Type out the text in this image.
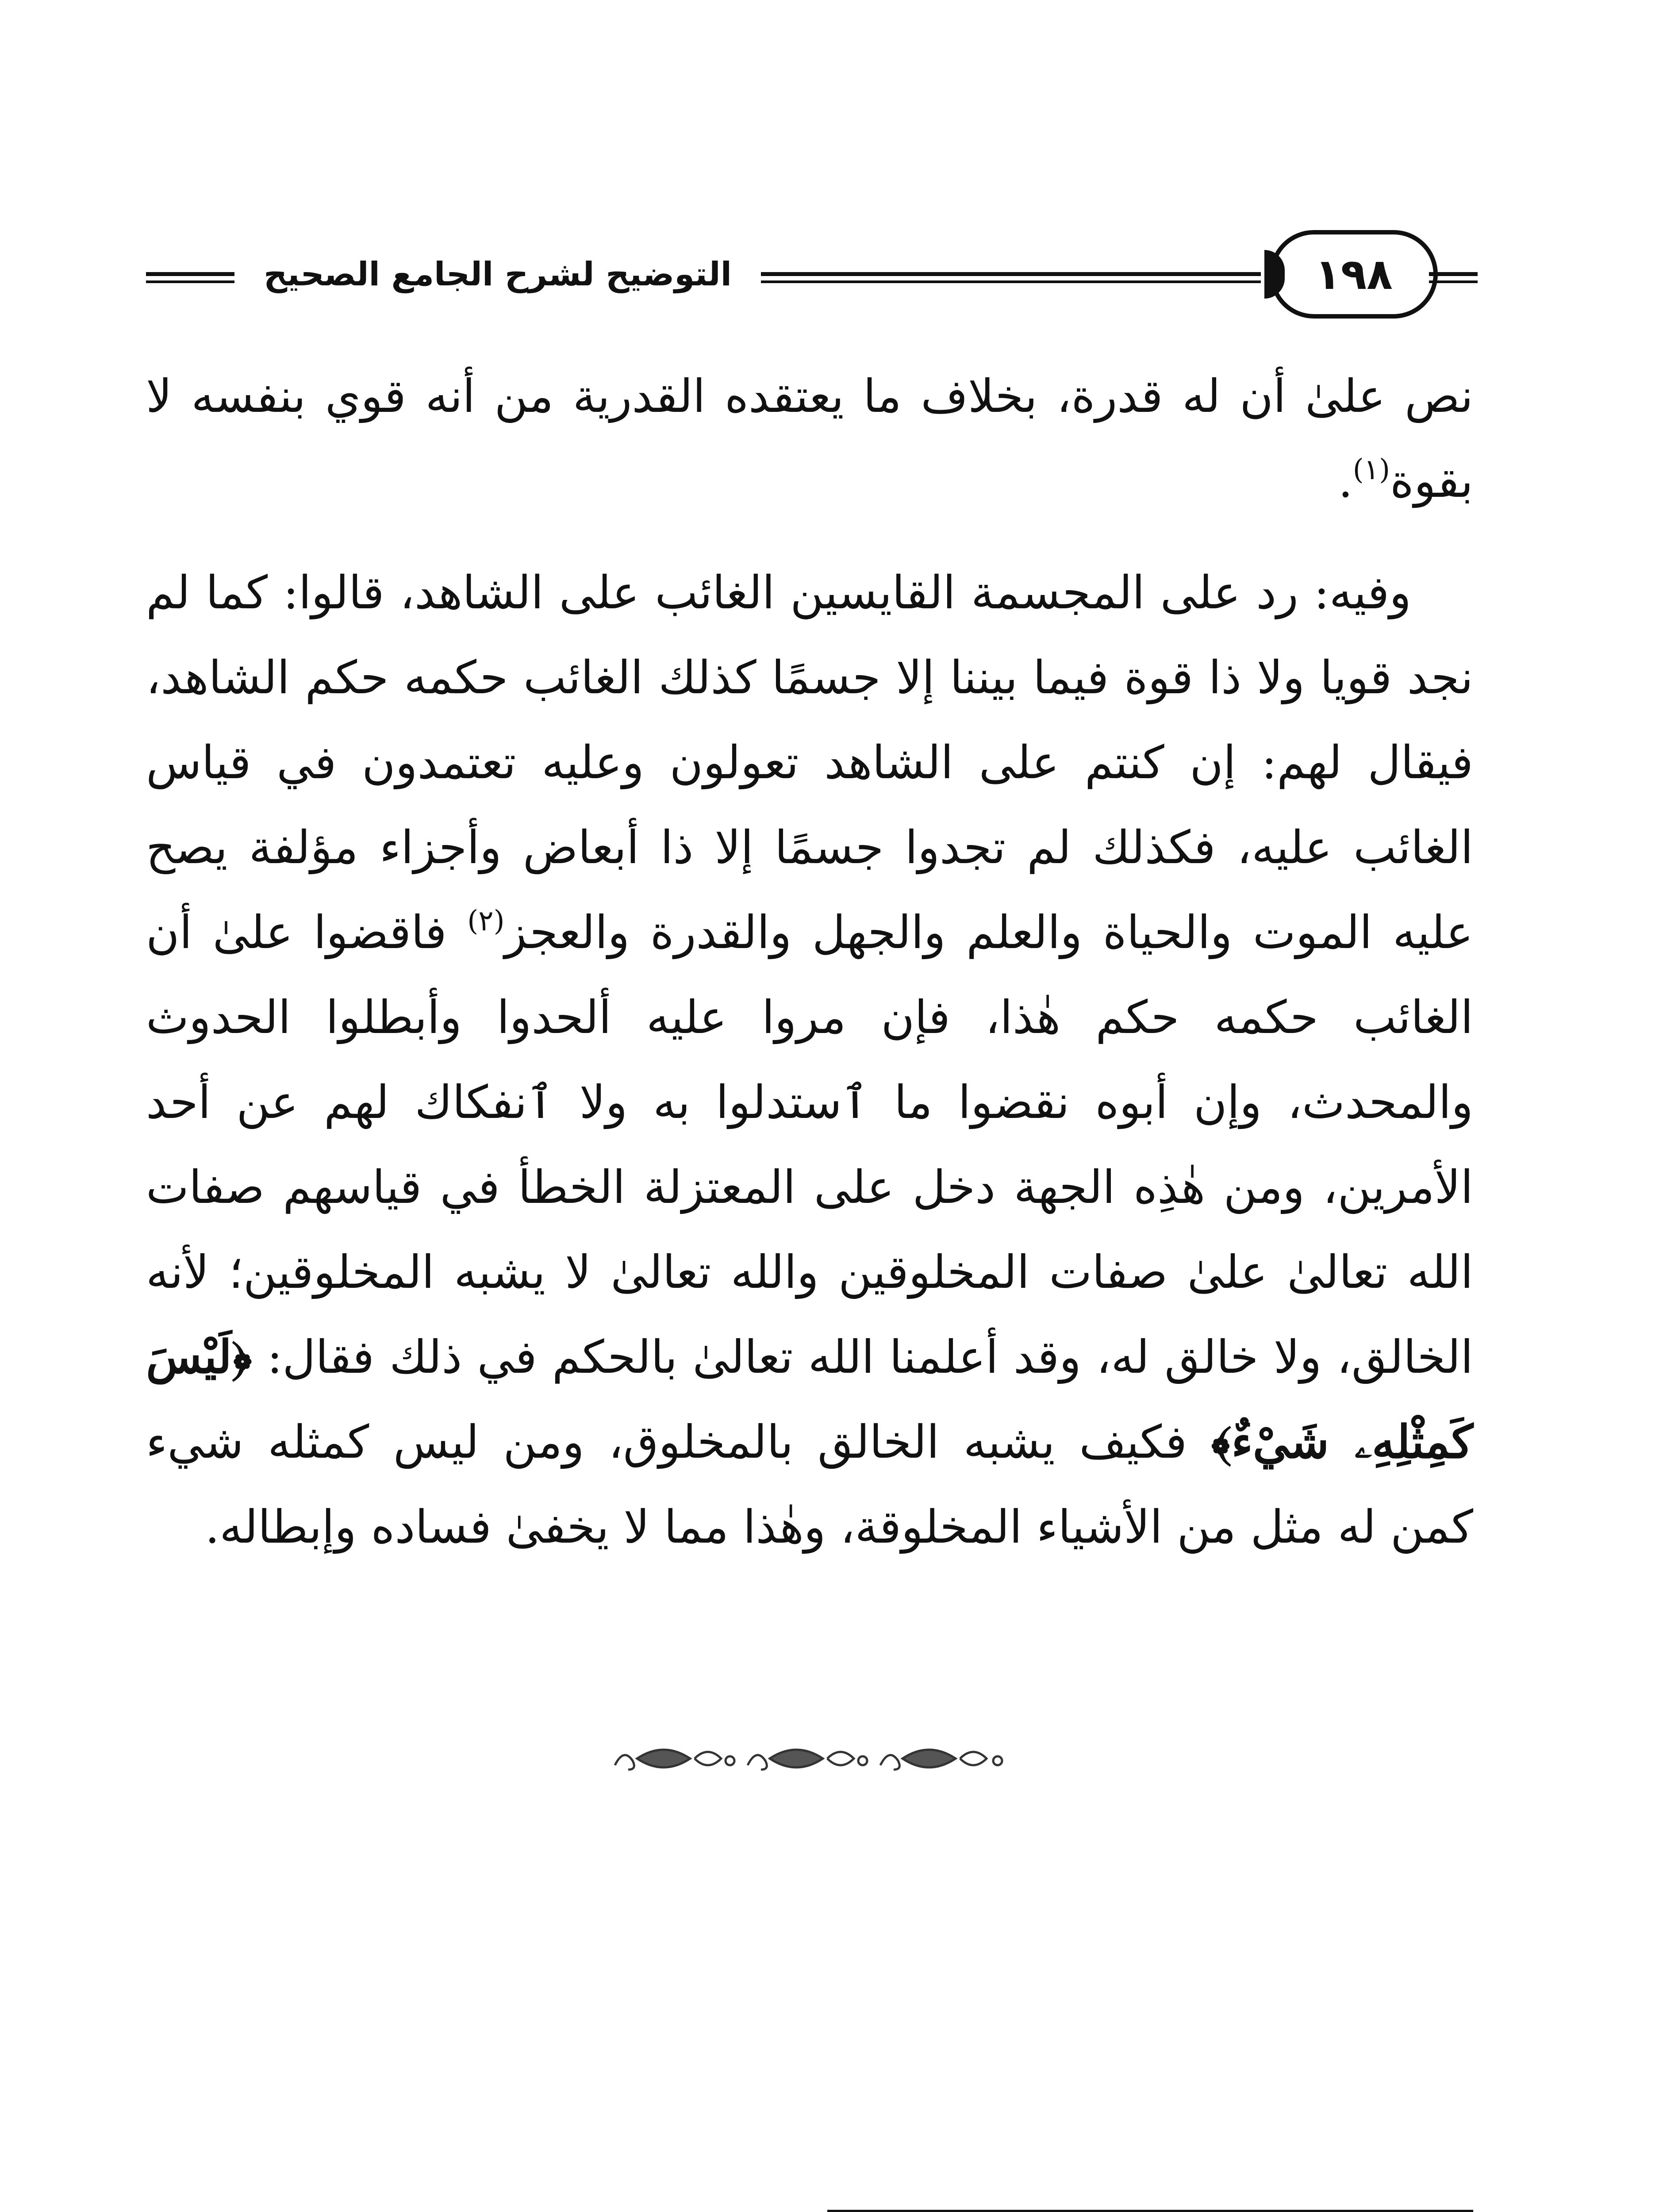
التوضيح لشرح الجامع الصحيح	١٩٨

نص علىٰ أن له قدرة، بخلاف ما يعتقده القدرية من أنه قوي بنفسه لا بقوة$^{(١)}$.

وفيه: رد على المجسمة القايسين الغائب على الشاهد، قالوا: كما لم نجد قويا ولا ذا قوة فيما بيننا إلا جسمًا كذلك الغائب حكمه حكم الشاهد، فيقال لهم: إن كنتم على الشاهد تعولون وعليه تعتمدون في قياس الغائب عليه، فكذلك لم تجدوا جسمًا إلا ذا أبعاض وأجزاء مؤلفة يصح عليه الموت والحياة والعلم والجهل والقدرة والعجز$^{(٢)}$ فاقضوا علىٰ أن الغائب حكمه حكم هٰذا، فإن مروا عليه ألحدوا وأبطلوا الحدوث والمحدث، وإن أبوه نقضوا ما ٱستدلوا به ولا ٱنفكاك لهم عن أحد الأمرين، ومن هٰذِه الجهة دخل على المعتزلة الخطأ في قياسهم صفات الله تعالىٰ علىٰ صفات المخلوقين والله تعالىٰ لا يشبه المخلوقين؛ لأنه الخالق، ولا خالق له، وقد أعلمنا الله تعالىٰ بالحكم في ذلك فقال: ﴿لَيْسَ كَمِثْلِهِۦ شَيْءٌ﴾ فكيف يشبه الخالق بالمخلوق، ومن ليس كمثله شيء كمن له مثل من الأشياء المخلوقة، وهٰذا مما لا يخفىٰ فساده وإبطاله.
